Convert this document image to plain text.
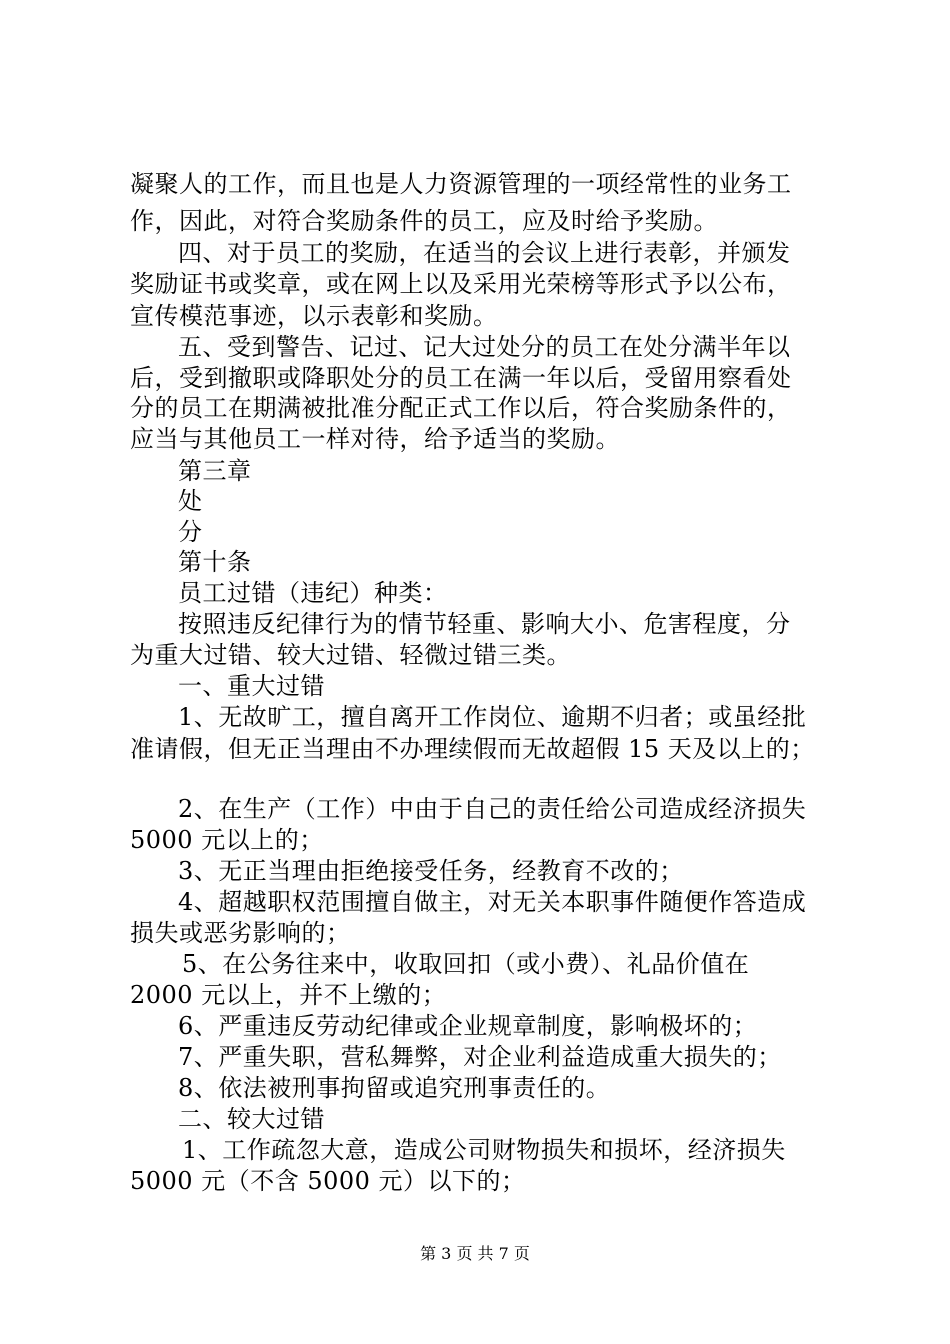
凝聚人的工作，而且也是人力资源管理的一项经常性的业务工
作，因此，对符合奖励条件的员工，应及时给予奖励。
四、对于员工的奖励，在适当的会议上进行表彰，并颁发
奖励证书或奖章，或在网上以及采用光荣榜等形式予以公布，
宣传模范事迹，以示表彰和奖励。
五、受到警告、记过、记大过处分的员工在处分满半年以
后，受到撤职或降职处分的员工在满一年以后，受留用察看处
分的员工在期满被批准分配正式工作以后，符合奖励条件的，
应当与其他员工一样对待，给予适当的奖励。
第三章
处
分
第十条
员工过错（违纪）种类：
按照违反纪律行为的情节轻重、影响大小、危害程度，分
为重大过错、较大过错、轻微过错三类。
一、重大过错
1、无故旷工，擅自离开工作岗位、逾期不归者；或虽经批
准请假，但无正当理由不办理续假而无故超假 15 天及以上的；
2、在生产（工作）中由于自己的责任给公司造成经济损失
5000 元以上的；
3、无正当理由拒绝接受任务，经教育不改的；
4、超越职权范围擅自做主，对无关本职事件随便作答造成
损失或恶劣影响的；
5、在公务往来中，收取回扣（或小费）、礼品价值在
2000 元以上，并不上缴的；
6、严重违反劳动纪律或企业规章制度，影响极坏的；
7、严重失职，营私舞弊，对企业利益造成重大损失的；
8、依法被刑事拘留或追究刑事责任的。
二、较大过错
1、工作疏忽大意，造成公司财物损失和损坏，经济损失
5000 元（不含 5000 元）以下的；
第 3 页 共 7 页
